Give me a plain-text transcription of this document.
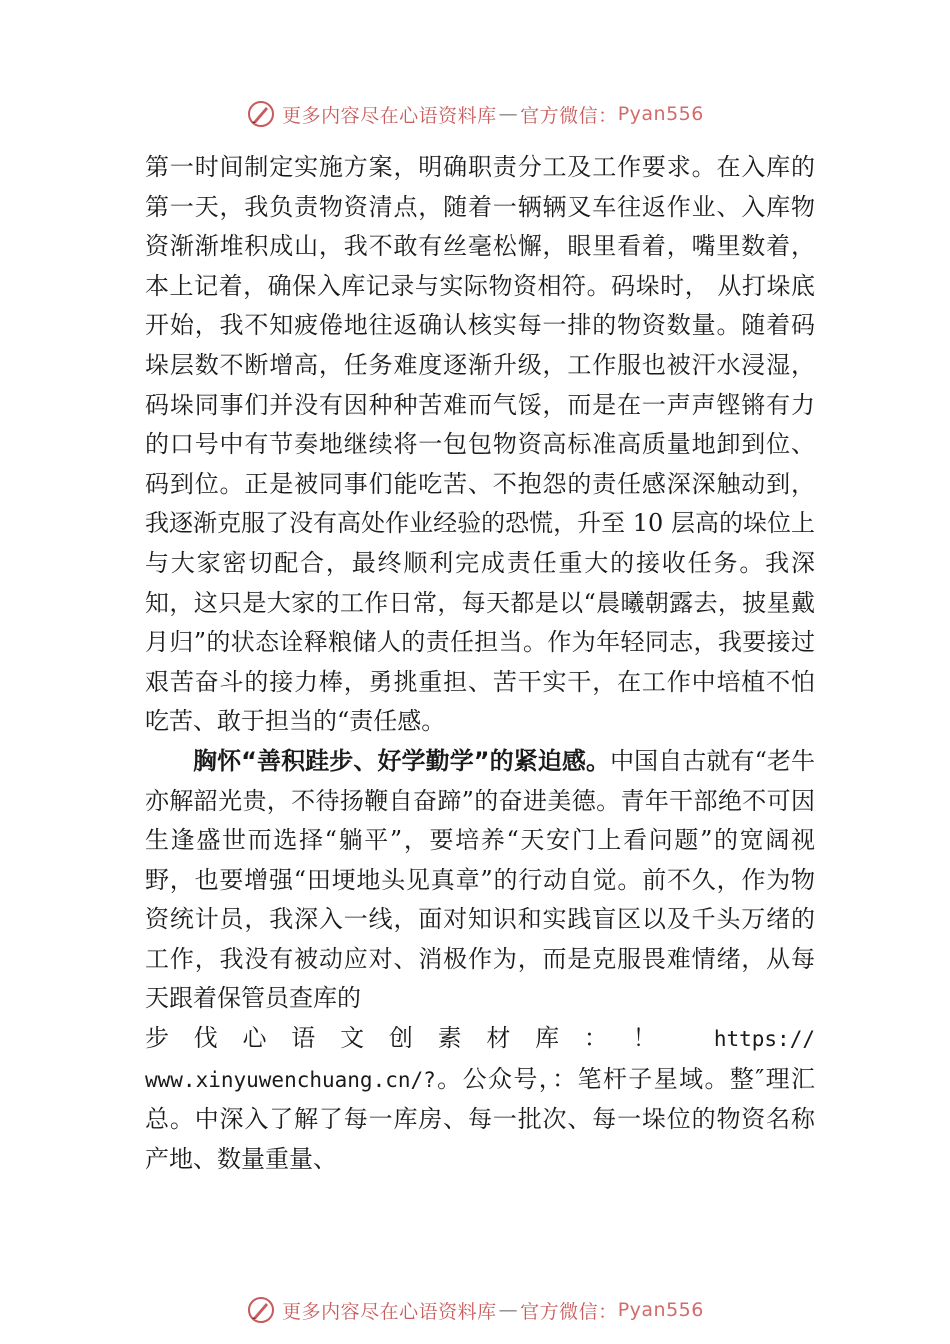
更多内容尽在心语资料库 — 官方微信： Pyan556

第一时间制定实施方案，明确职责分工及工作要求。在入库的第一天，我负责物资清点，随着一辆辆叉车往返作业、入库物资渐渐堆积成山，我不敢有丝毫松懈，眼里看着，嘴里数着，本上记着，确保入库记录与实际物资相符。码垛时， 从打垛底开始，我不知疲倦地往返确认核实每一排的物资数量。随着码垛层数不断增高，任务难度逐渐升级，工作服也被汗水浸湿，码垛同事们并没有因种种苦难而气馁，而是在一声声铿锵有力的口号中有节奏地继续将一包包物资高标准高质量地卸到位、码到位。正是被同事们能吃苦、不抱怨的责任感深深触动到，我逐渐克服了没有高处作业经验的恐慌，升至 10 层高的垛位上与大家密切配合，最终顺利完成责任重大的接收任务。我深知，这只是大家的工作日常，每天都是以“晨曦朝露去，披星戴月归”的状态诠释粮储人的责任担当。作为年轻同志，我要接过艰苦奋斗的接力棒，勇挑重担、苦干实干，在工作中培植不怕吃苦、敢于担当的“责任感。

胸怀“善积跬步、好学勤学”的紧迫感。中国自古就有“老牛亦解韶光贵，不待扬鞭自奋蹄”的奋进美德。青年干部绝不可因生逢盛世而选择“躺平”，要培养“天安门上看问题”的宽阔视野，也要增强“田埂地头见真章”的行动自觉。前不久，作为物资统计员，我深入一线，面对知识和实践盲区以及千头万绪的工作，我没有被动应对、消极作为，而是克服畏难情绪，从每天跟着保管员查库的

步伐心语文创素材库：！ https://
www.xinyuwenchuang.cn/?。公众号，：笔杆子星域。整″理汇总。中深入了解了每一库房、每一批次、每一垛位的物资名称产地、数量重量、

更多内容尽在心语资料库 — 官方微信： Pyan556
